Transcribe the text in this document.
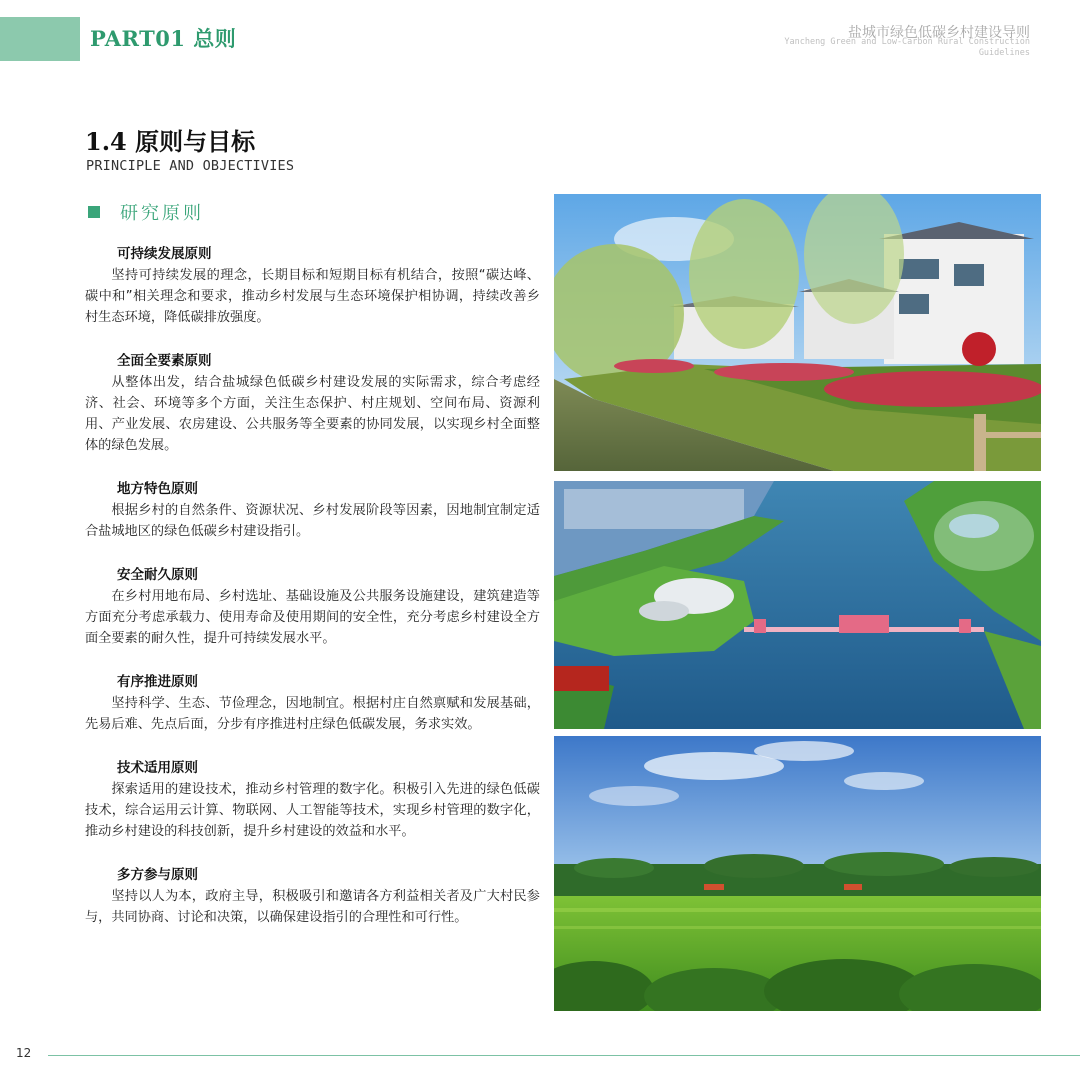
PART01 总则	盐城市绿色低碳乡村建设导则
Yancheng Green and Low-Carbon Rural Construction Guidelines
1.4 原则与目标
PRINCIPLE AND OBJECTIVIES
研究原则
可持续发展原则
坚持可持续发展的理念，长期目标和短期目标有机结合，按照“碳达峰、碳中和”相关理念和要求，推动乡村发展与生态环境保护相协调，持续改善乡村生态环境，降低碳排放强度。
全面全要素原则
从整体出发，结合盐城绿色低碳乡村建设发展的实际需求，综合考虑经济、社会、环境等多个方面，关注生态保护、村庄规划、空间布局、资源利用、产业发展、农房建设、公共服务等全要素的协同发展，以实现乡村全面整体的绿色发展。
地方特色原则
根据乡村的自然条件、资源状况、乡村发展阶段等因素，因地制宜制定适合盐城地区的绿色低碳乡村建设指引。
安全耐久原则
在乡村用地布局、乡村选址、基础设施及公共服务设施建设，建筑建造等方面充分考虑承载力、使用寿命及使用期间的安全性，充分考虑乡村建设全方面全要素的耐久性，提升可持续发展水平。
有序推进原则
坚持科学、生态、节俭理念，因地制宜。根据村庄自然禀赋和发展基础，先易后难、先点后面，分步有序推进村庄绿色低碳发展，务求实效。
技术适用原则
探索适用的建设技术，推动乡村管理的数字化。积极引入先进的绿色低碳技术，综合运用云计算、物联网、人工智能等技术，实现乡村管理的数字化，推动乡村建设的科技创新，提升乡村建设的效益和水平。
多方参与原则
坚持以人为本，政府主导，积极吸引和邀请各方利益相关者及广大村民参与，共同协商、讨论和决策，以确保建设指引的合理性和可行性。
12
